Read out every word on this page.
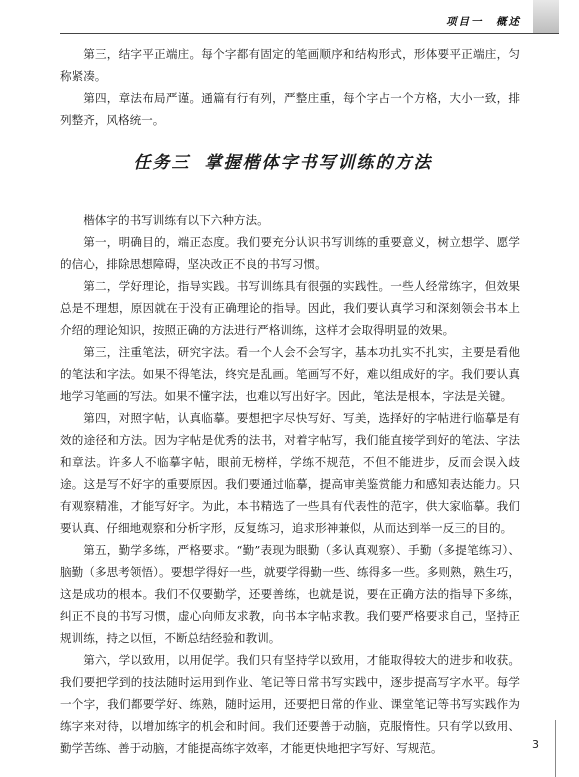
项目一　概述

第三，结字平正端庄。每个字都有固定的笔画顺序和结构形式，形体要平正端庄，匀称紧凑。

第四，章法布局严谨。通篇有行有列，严整庄重，每个字占一个方格，大小一致，排列整齐，风格统一。

任务三 掌握楷体字书写训练的方法

楷体字的书写训练有以下六种方法。

第一，明确目的，端正态度。我们要充分认识书写训练的重要意义，树立想学、愿学的信心，排除思想障碍，坚决改正不良的书写习惯。

第二，学好理论，指导实践。书写训练具有很强的实践性。一些人经常练字，但效果总是不理想，原因就在于没有正确理论的指导。因此，我们要认真学习和深刻领会书本上介绍的理论知识，按照正确的方法进行严格训练，这样才会取得明显的效果。

第三，注重笔法，研究字法。看一个人会不会写字，基本功扎实不扎实，主要是看他的笔法和字法。如果不得笔法，终究是乱画。笔画写不好，难以组成好的字。我们要认真地学习笔画的写法。如果不懂字法，也难以写出好字。因此，笔法是根本，字法是关键。

第四，对照字帖，认真临摹。要想把字尽快写好、写美，选择好的字帖进行临摹是有效的途径和方法。因为字帖是优秀的法书，对着字帖写，我们能直接学到好的笔法、字法和章法。许多人不临摹字帖，眼前无榜样，学练不规范，不但不能进步，反而会误入歧途。这是写不好字的重要原因。我们要通过临摹，提高审美鉴赏能力和感知表达能力。只有观察精准，才能写好字。为此，本书精选了一些具有代表性的范字，供大家临摹。我们要认真、仔细地观察和分析字形，反复练习，追求形神兼似，从而达到举一反三的目的。

第五，勤学多练，严格要求。“勤”表现为眼勤（多认真观察）、手勤（多提笔练习）、脑勤（多思考领悟）。要想学得好一些，就要学得勤一些、练得多一些。多则熟，熟生巧，这是成功的根本。我们不仅要勤学，还要善练，也就是说，要在正确方法的指导下多练，纠正不良的书写习惯，虚心向师友求教，向书本字帖求教。我们要严格要求自己，坚持正规训练，持之以恒，不断总结经验和教训。

第六，学以致用，以用促学。我们只有坚持学以致用，才能取得较大的进步和收获。我们要把学到的技法随时运用到作业、笔记等日常书写实践中，逐步提高写字水平。每学一个字，我们都要学好、练熟，随时运用，还要把日常的作业、课堂笔记等书写实践作为练字来对待，以增加练字的机会和时间。我们还要善于动脑，克服惰性。只有学以致用、勤学苦练、善于动脑，才能提高练字效率，才能更快地把字写好、写规范。	3
